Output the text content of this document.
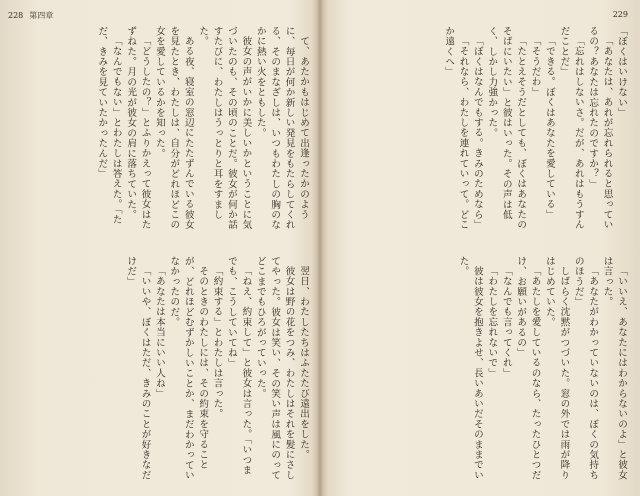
228 第四章

て、あたかもはじめて出逢ったかのように、毎日が何か新しい発見をもたらしてくれる、そのまなざしは、いつもわたしの胸のなかに熱い火をともした。

彼女の声がいかに美しいかということに気づいたのも、その頃のことだ。彼女が何か話すたびに、わたしはうっとりと耳をすました。

ある夜、寝室の窓辺にたたずんでいる彼女を見たとき、わたしは、自分がどれほどこの女を愛しているかを知った。

「どうしたの？」とふりかえって彼女はたずねた。月の光が彼女の肩に落ちていた。

「なんでもない」とわたしは答えた。「ただ、きみを見ていたかったんだ」

翌日、わたしたちはふたたび遠出をした。

彼女は野の花をつみ、わたしはそれを髪にさしてやった。彼女は笑い、その笑い声は風にのってどこまでもひろがっていった。

「ねえ、約束して」と彼女は言った。「いつまでも、こうしていてね」

「約束する」とわたしは言った。

そのときのわたしには、その約束を守ることが、どれほどむずかしいことか、まだわかっていなかったのだ。

「あなたは本当にいい人ね」

「いいや、ぼくはただ、きみのことが好きなだけだ」

229

「ぼくはいけない」

「あなたは、あれが忘れられると思っているの？あなたは忘れたのですか？」

「忘れはしないさ。だが、あれはもうすんだことだ」

「できる。ぼくはあなたを愛している」

「そうだわ」

「たとえそうだとしても、ぼくはあなたのそばにいたい」と彼はいった。その声は低く、しかし力強かった。

「ぼくはなんでもする。きみのためなら」

「それなら、わたしを連れていって。どこか遠くへ」

「いいえ、あなたにはわからないのよ」と彼女は言った。

「あなたがわかっていないのは、ぼくの気持ちのほうだ」

しばらく沈黙がつづいた。窓の外では雨が降りはじめていた。

「あたしを愛しているのなら、たったひとつだけ、お願いがあるの」

「なんでも言ってくれ」

「わたしを忘れないで」

彼は彼女を抱きよせ、長いあいだそのままでいた。
